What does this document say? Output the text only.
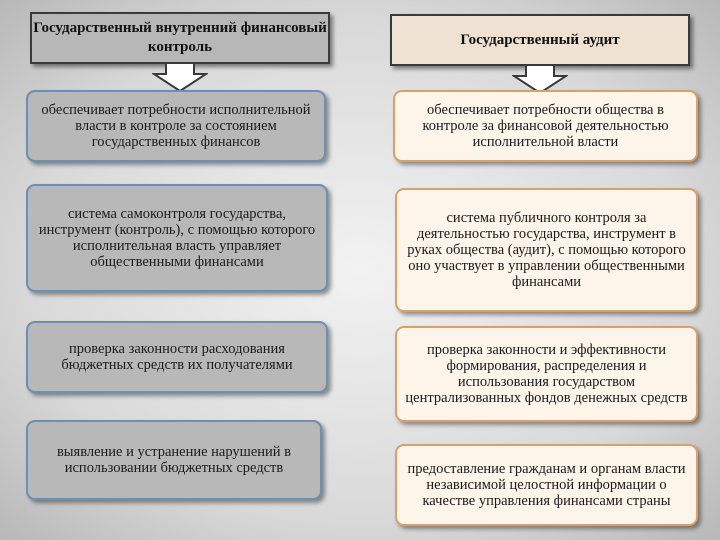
Государственный внутренний финансовый контроль	Государственный аудит
обеспечивает потребности исполнительной власти в контроле за состоянием государственных финансов
система самоконтроля государства, инструмент (контроль), с помощью которого исполнительная власть управляет общественными финансами
проверка законности расходования бюджетных средств их получателями
выявление и устранение нарушений в использовании бюджетных средств
обеспечивает потребности общества в контроле за финансовой деятельностью исполнительной власти
система публичного контроля за деятельностью государства, инструмент в руках общества (аудит), с помощью которого оно участвует в управлении общественными финансами
проверка законности и эффективности формирования, распределения и использования государством централизованных фондов денежных средств
предоставление гражданам и органам власти независимой целостной информации о качестве управления финансами страны
